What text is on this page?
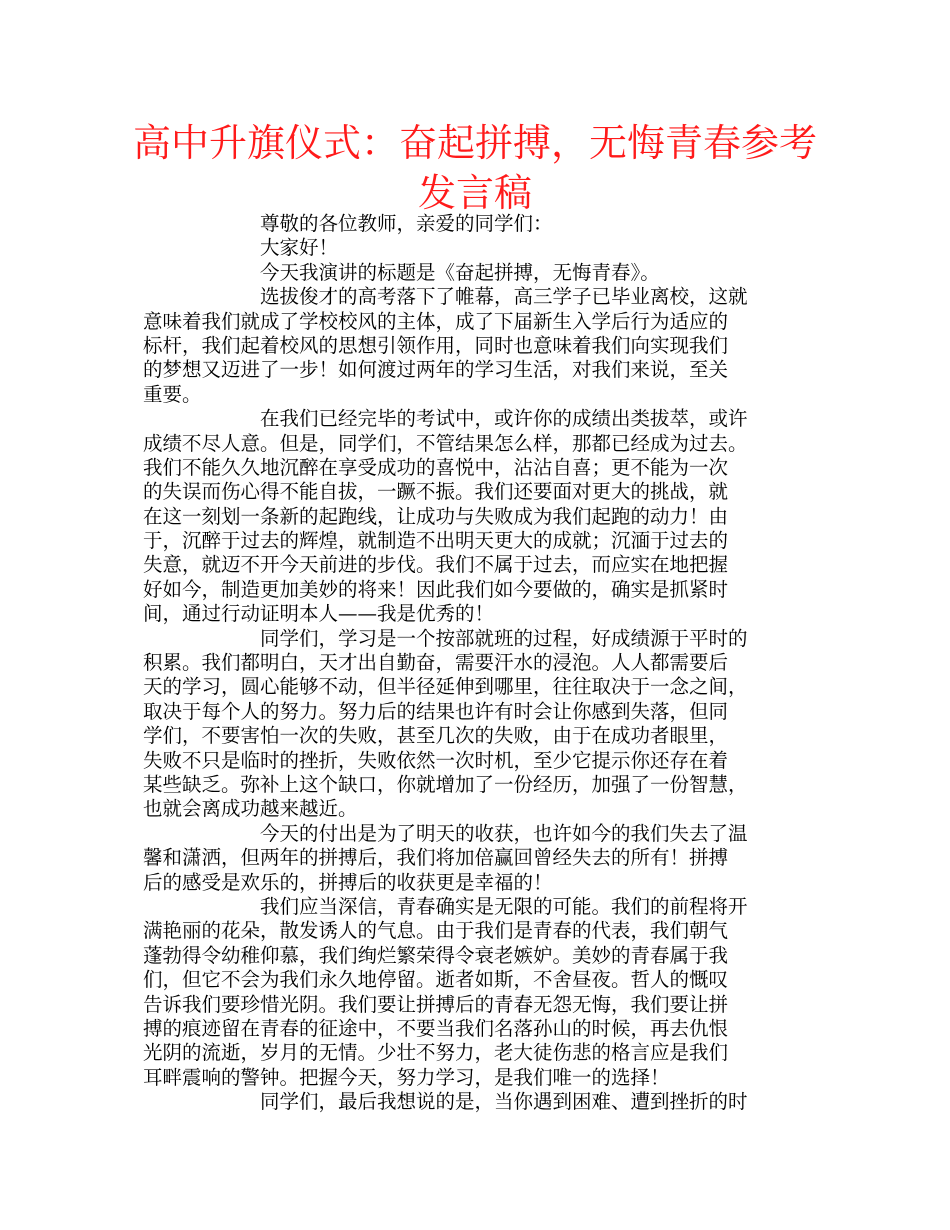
高中升旗仪式：奋起拼搏，无悔青春参考
发言稿
尊敬的各位教师，亲爱的同学们：
大家好！
今天我演讲的标题是《奋起拼搏，无悔青春》。
选拔俊才的高考落下了帷幕，高三学子已毕业离校，这就
意味着我们就成了学校校风的主体，成了下届新生入学后行为适应的
标杆，我们起着校风的思想引领作用，同时也意味着我们向实现我们
的梦想又迈进了一步！如何渡过两年的学习生活，对我们来说，至关
重要。
在我们已经完毕的考试中，或许你的成绩出类拔萃，或许
成绩不尽人意。但是，同学们，不管结果怎么样，那都已经成为过去。
我们不能久久地沉醉在享受成功的喜悦中，沾沾自喜；更不能为一次
的失误而伤心得不能自拔，一蹶不振。我们还要面对更大的挑战，就
在这一刻划一条新的起跑线，让成功与失败成为我们起跑的动力！由
于，沉醉于过去的辉煌，就制造不出明天更大的成就；沉湎于过去的
失意，就迈不开今天前进的步伐。我们不属于过去，而应实在地把握
好如今，制造更加美妙的将来！因此我们如今要做的，确实是抓紧时
间，通过行动证明本人——我是优秀的！
同学们，学习是一个按部就班的过程，好成绩源于平时的
积累。我们都明白，天才出自勤奋，需要汗水的浸泡。人人都需要后
天的学习，圆心能够不动，但半径延伸到哪里，往往取决于一念之间，
取决于每个人的努力。努力后的结果也许有时会让你感到失落，但同
学们，不要害怕一次的失败，甚至几次的失败，由于在成功者眼里，
失败不只是临时的挫折，失败依然一次时机，至少它提示你还存在着
某些缺乏。弥补上这个缺口，你就增加了一份经历，加强了一份智慧，
也就会离成功越来越近。
今天的付出是为了明天的收获，也许如今的我们失去了温
馨和潇洒，但两年的拼搏后，我们将加倍赢回曾经失去的所有！拼搏
后的感受是欢乐的，拼搏后的收获更是幸福的！
我们应当深信，青春确实是无限的可能。我们的前程将开
满艳丽的花朵，散发诱人的气息。由于我们是青春的代表，我们朝气
蓬勃得令幼稚仰慕，我们绚烂繁荣得令衰老嫉妒。美妙的青春属于我
们，但它不会为我们永久地停留。逝者如斯，不舍昼夜。哲人的慨叹
告诉我们要珍惜光阴。我们要让拼搏后的青春无怨无悔，我们要让拼
搏的痕迹留在青春的征途中，不要当我们名落孙山的时候，再去仇恨
光阴的流逝，岁月的无情。少壮不努力，老大徒伤悲的格言应是我们
耳畔震响的警钟。把握今天，努力学习，是我们唯一的选择！
同学们，最后我想说的是，当你遇到困难、遭到挫折的时
